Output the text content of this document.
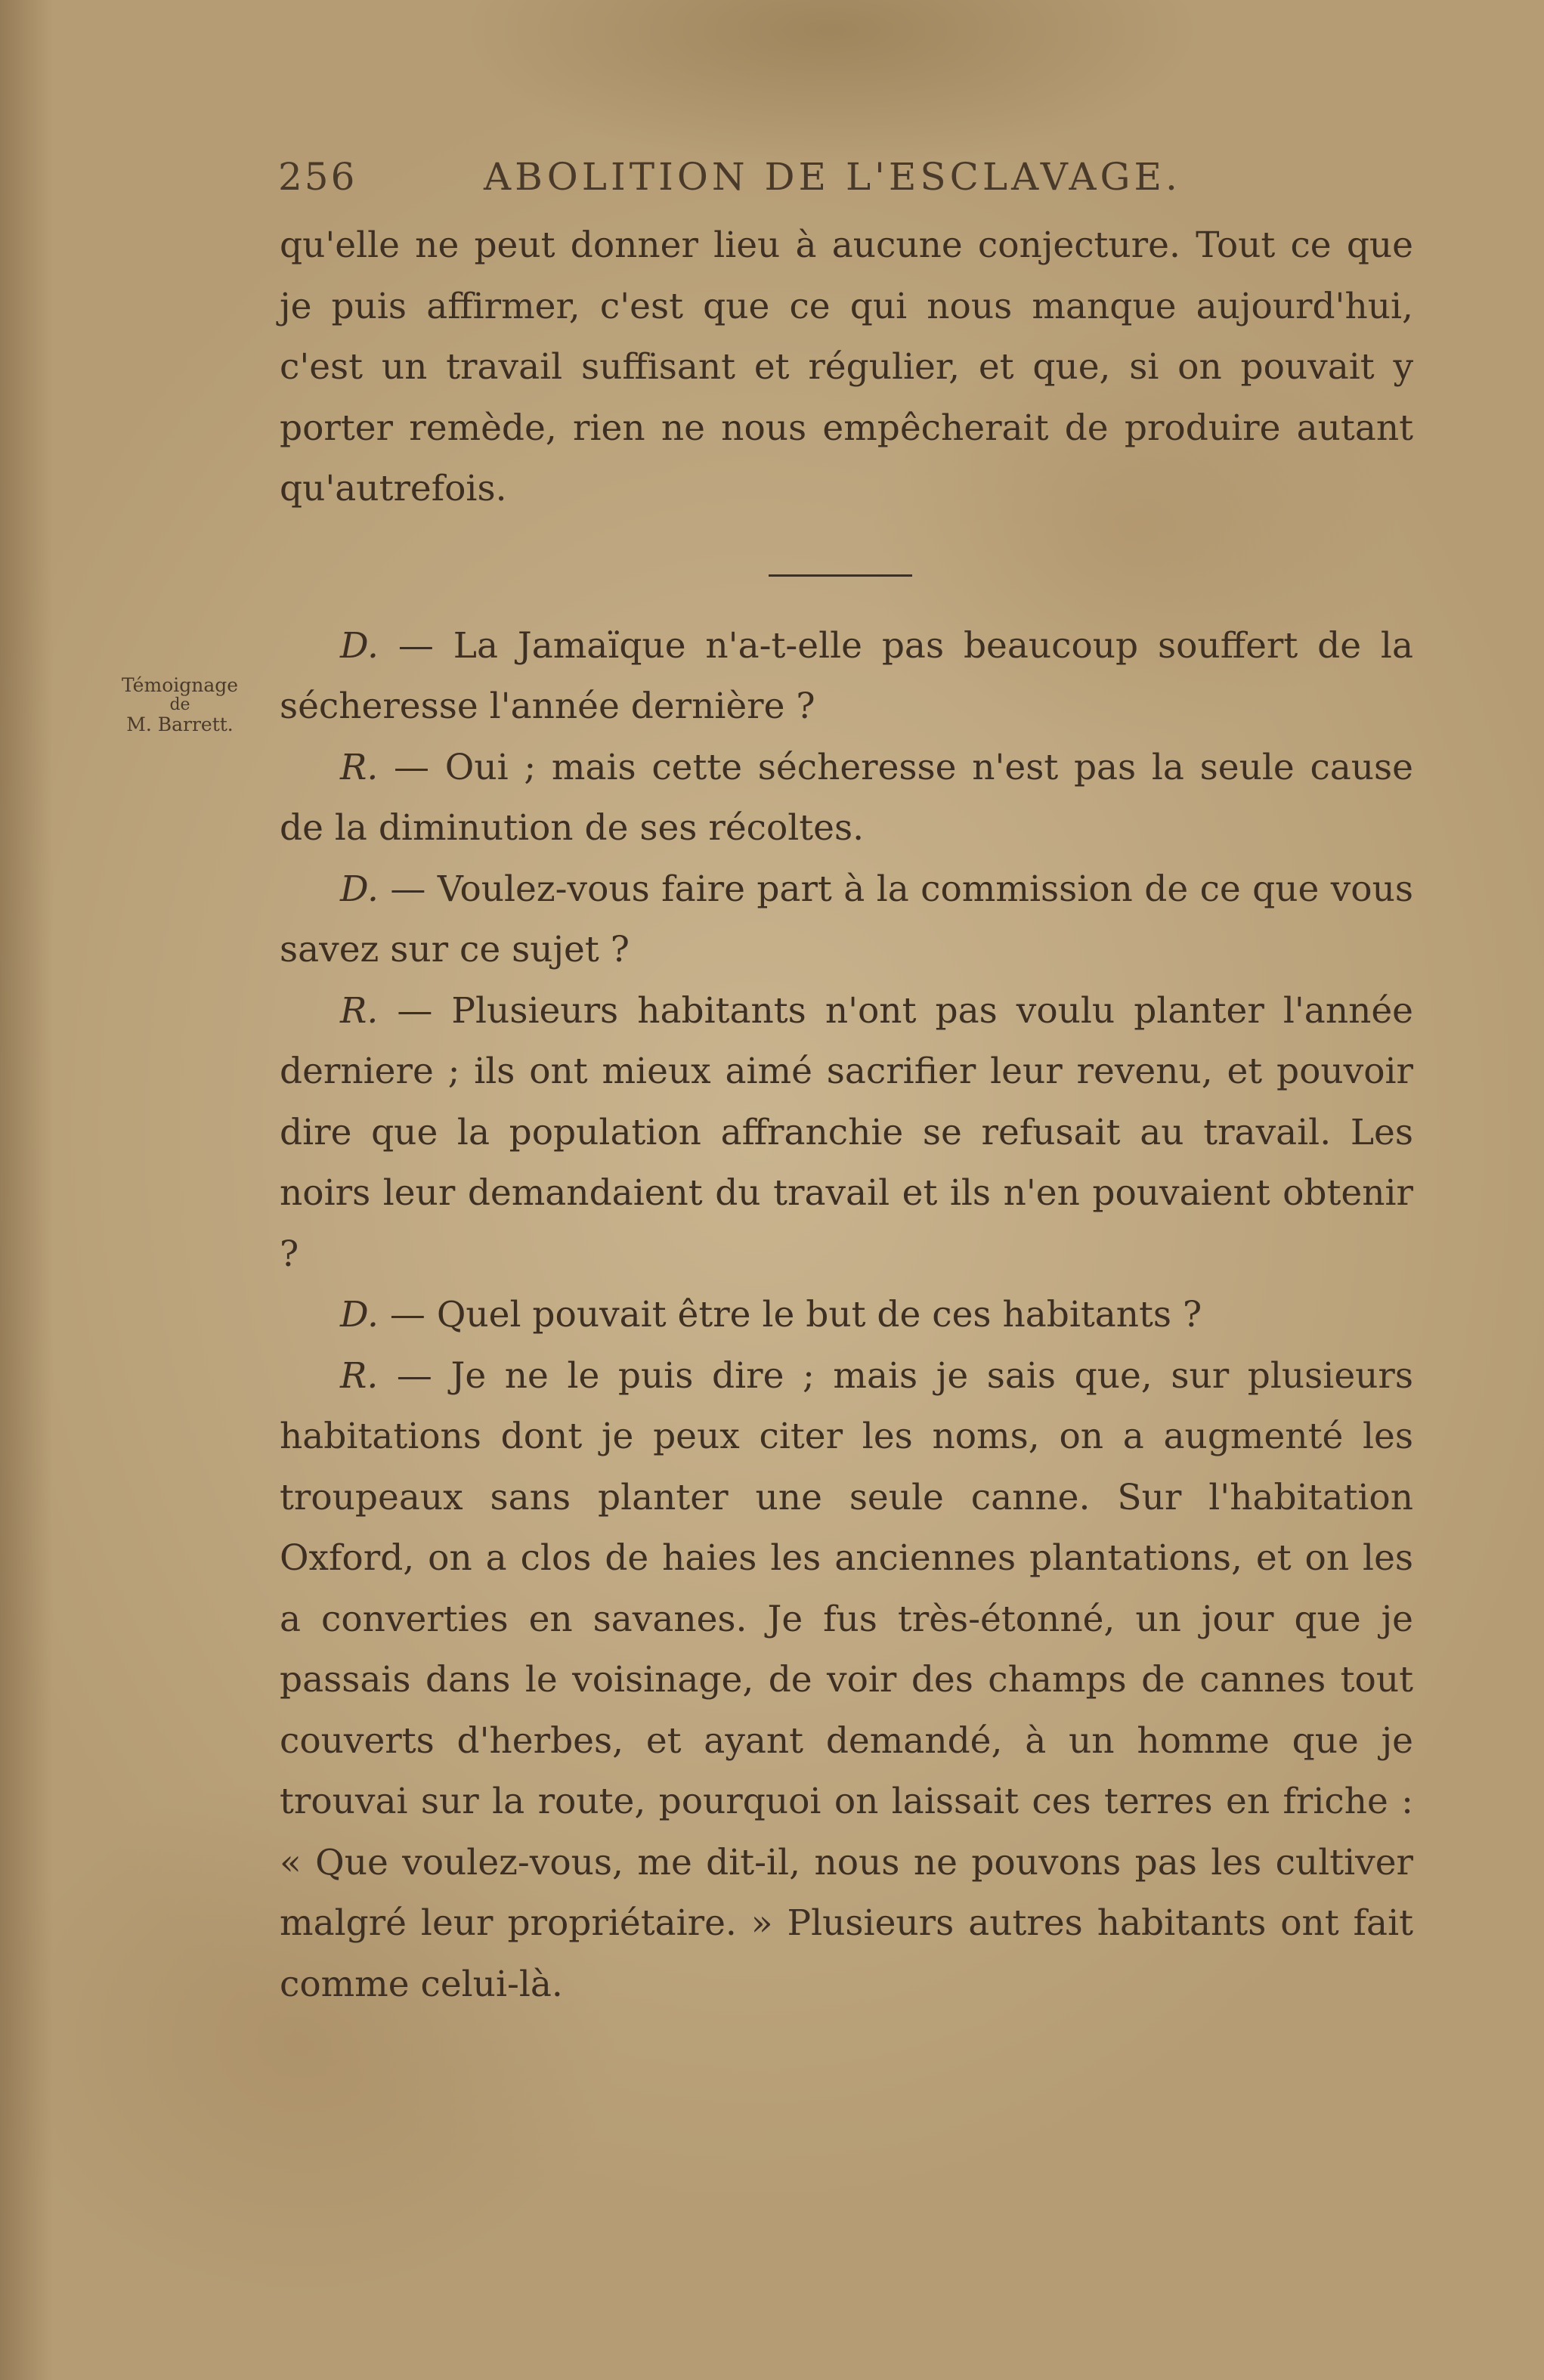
256	ABOLITION DE L'ESCLAVAGE.
Témoignage
de
M. Barrett.

qu'elle ne peut donner lieu à aucune conjecture. Tout ce que je puis affirmer, c'est que ce qui nous manque aujourd'hui, c'est un travail suffisant et régulier, et que, si on pouvait y porter remède, rien ne nous empêcherait de produire autant qu'autrefois.

D. — La Jamaïque n'a-t-elle pas beaucoup souffert de la sécheresse l'année dernière ?

R. — Oui ; mais cette sécheresse n'est pas la seule cause de la diminution de ses récoltes.

D. — Voulez-vous faire part à la commission de ce que vous savez sur ce sujet ?

R. — Plusieurs habitants n'ont pas voulu planter l'année derniere ; ils ont mieux aimé sacrifier leur revenu, et pouvoir dire que la population affranchie se refusait au travail. Les noirs leur demandaient du travail et ils n'en pouvaient obtenir ?

D. — Quel pouvait être le but de ces habitants ?

R. — Je ne le puis dire ; mais je sais que, sur plusieurs habitations dont je peux citer les noms, on a augmenté les troupeaux sans planter une seule canne. Sur l'habitation Oxford, on a clos de haies les anciennes plantations, et on les a converties en savanes. Je fus très-étonné, un jour que je passais dans le voisinage, de voir des champs de cannes tout couverts d'herbes, et ayant demandé, à un homme que je trouvai sur la route, pourquoi on laissait ces terres en friche : « Que voulez-vous, me dit-il, nous ne pouvons pas les cultiver malgré leur propriétaire. » Plusieurs autres habitants ont fait comme celui-là.
